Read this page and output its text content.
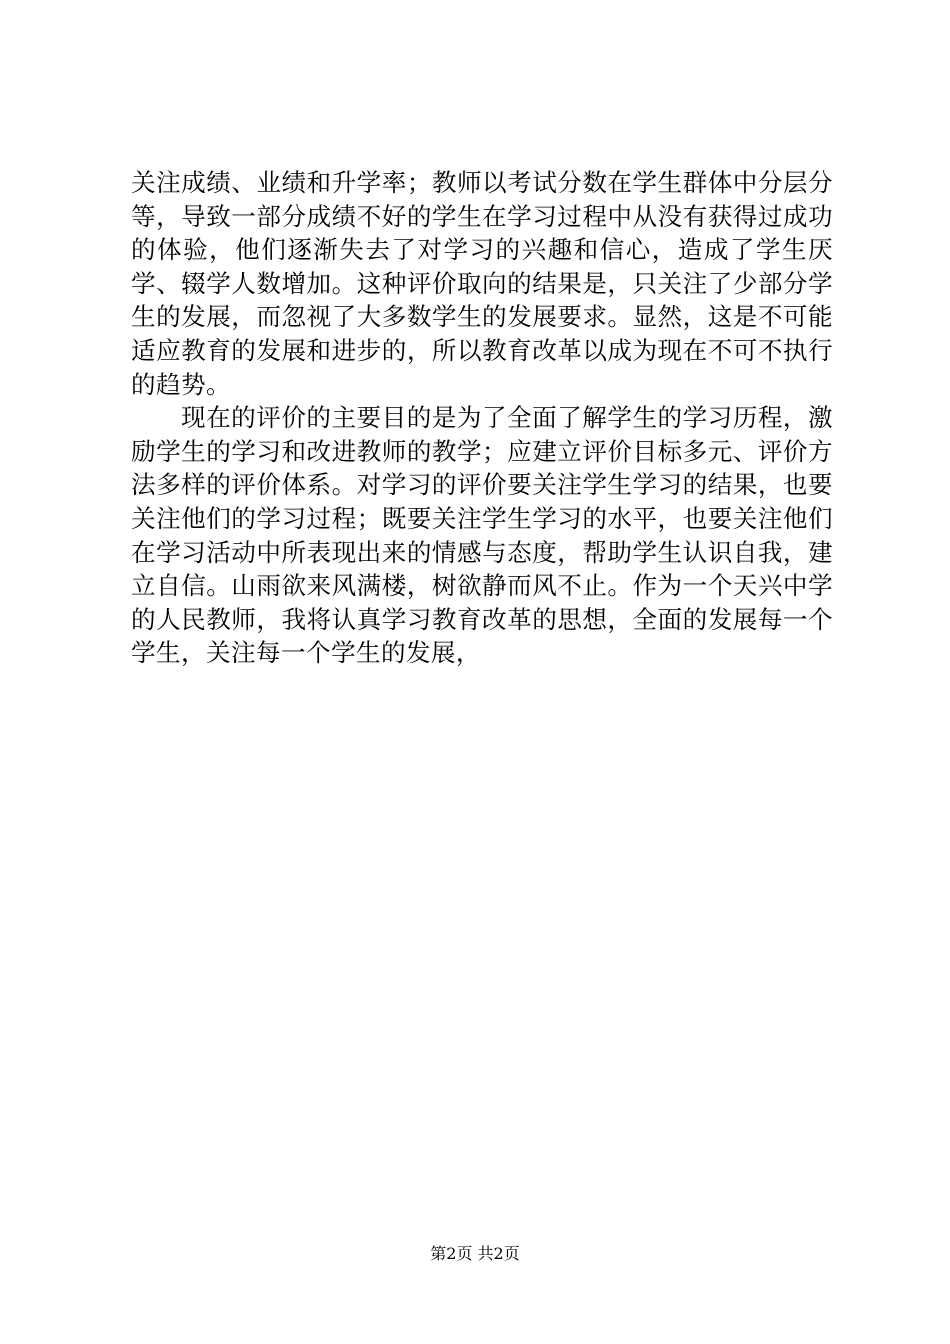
关注成绩、业绩和升学率；教师以考试分数在学生群体中分层分等，导致一部分成绩不好的学生在学习过程中从没有获得过成功的体验，他们逐渐失去了对学习的兴趣和信心，造成了学生厌学、辍学人数增加。这种评价取向的结果是，只关注了少部分学生的发展，而忽视了大多数学生的发展要求。显然，这是不可能适应教育的发展和进步的，所以教育改革以成为现在不可不执行的趋势。

现在的评价的主要目的是为了全面了解学生的学习历程，激励学生的学习和改进教师的教学；应建立评价目标多元、评价方法多样的评价体系。对学习的评价要关注学生学习的结果，也要关注他们的学习过程；既要关注学生学习的水平，也要关注他们在学习活动中所表现出来的情感与态度，帮助学生认识自我，建立自信。山雨欲来风满楼，树欲静而风不止。作为一个天兴中学的人民教师，我将认真学习教育改革的思想，全面的发展每一个学生，关注每一个学生的发展，

第2页 共2页
